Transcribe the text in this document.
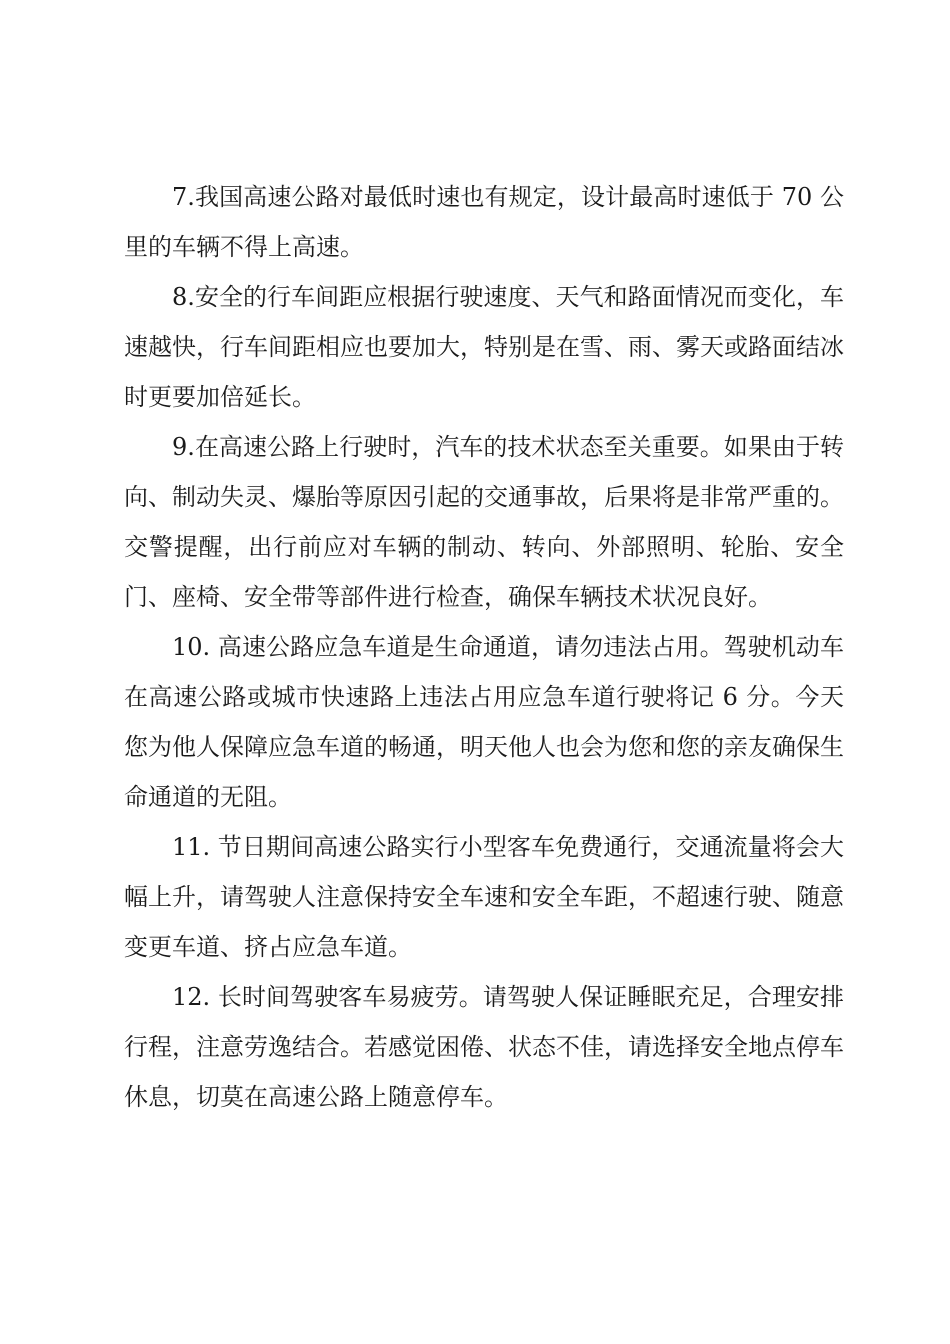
7.我国高速公路对最低时速也有规定，设计最高时速低于 70 公里的车辆不得上高速。

8.安全的行车间距应根据行驶速度、天气和路面情况而变化，车速越快，行车间距相应也要加大，特别是在雪、雨、雾天或路面结冰时更要加倍延长。

9.在高速公路上行驶时，汽车的技术状态至关重要。如果由于转向、制动失灵、爆胎等原因引起的交通事故，后果将是非常严重的。交警提醒，出行前应对车辆的制动、转向、外部照明、轮胎、安全门、座椅、安全带等部件进行检查，确保车辆技术状况良好。

10. 高速公路应急车道是生命通道，请勿违法占用。驾驶机动车在高速公路或城市快速路上违法占用应急车道行驶将记 6 分。今天您为他人保障应急车道的畅通，明天他人也会为您和您的亲友确保生命通道的无阻。

11. 节日期间高速公路实行小型客车免费通行，交通流量将会大幅上升，请驾驶人注意保持安全车速和安全车距，不超速行驶、随意变更车道、挤占应急车道。

12. 长时间驾驶客车易疲劳。请驾驶人保证睡眠充足，合理安排行程，注意劳逸结合。若感觉困倦、状态不佳，请选择安全地点停车休息，切莫在高速公路上随意停车。
